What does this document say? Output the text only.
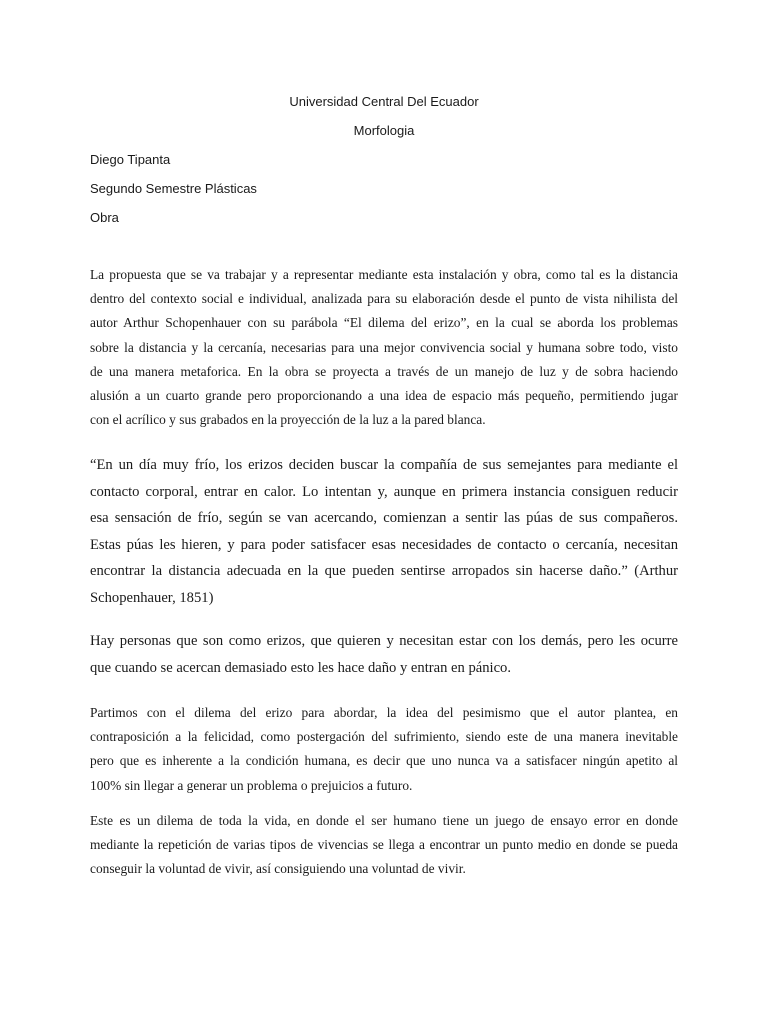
Universidad Central Del Ecuador
Morfologia
Diego Tipanta
Segundo Semestre Plásticas
Obra
La propuesta que se va trabajar y a representar mediante esta instalación y obra, como tal es la distancia
dentro del contexto social e individual, analizada para su elaboración desde el punto de vista nihilista del
autor Arthur Schopenhauer con su parábola “El dilema del erizo”, en la cual se aborda los problemas
sobre la distancia y la cercanía, necesarias para una mejor convivencia social y humana sobre todo, visto
de una manera metaforica. En la obra se proyecta a través de un manejo de luz y de sobra haciendo
alusión a un cuarto grande pero proporcionando a una idea de espacio más pequeño, permitiendo jugar
con el acrílico y sus grabados en la proyección de la luz a la pared blanca.
“En un día muy frío, los erizos deciden buscar la compañía de sus semejantes para mediante el
contacto corporal, entrar en calor. Lo intentan y, aunque en primera instancia consiguen reducir
esa sensación de frío, según se van acercando, comienzan a sentir las púas de sus compañeros.
Estas púas les hieren, y para poder satisfacer esas necesidades de contacto o cercanía, necesitan
encontrar la distancia adecuada en la que pueden sentirse arropados sin hacerse daño.” (Arthur
Schopenhauer, 1851)
Hay personas que son como erizos, que quieren y necesitan estar con los demás, pero les ocurre
que cuando se acercan demasiado esto les hace daño y entran en pánico.
Partimos con el dilema del erizo para abordar, la idea del pesimismo que el autor plantea, en
contraposición a la felicidad, como postergación del sufrimiento, siendo este de una manera inevitable
pero que es inherente a la condición humana, es decir que uno nunca va a satisfacer ningún apetito al
100% sin llegar a generar un problema o prejuicios a futuro.
Este es un dilema de toda la vida, en donde el ser humano tiene un juego de ensayo error en donde
mediante la repetición de varias tipos de vivencias se llega a encontrar un punto medio en donde se pueda
conseguir la voluntad de vivir, así consiguiendo una voluntad de vivir.
